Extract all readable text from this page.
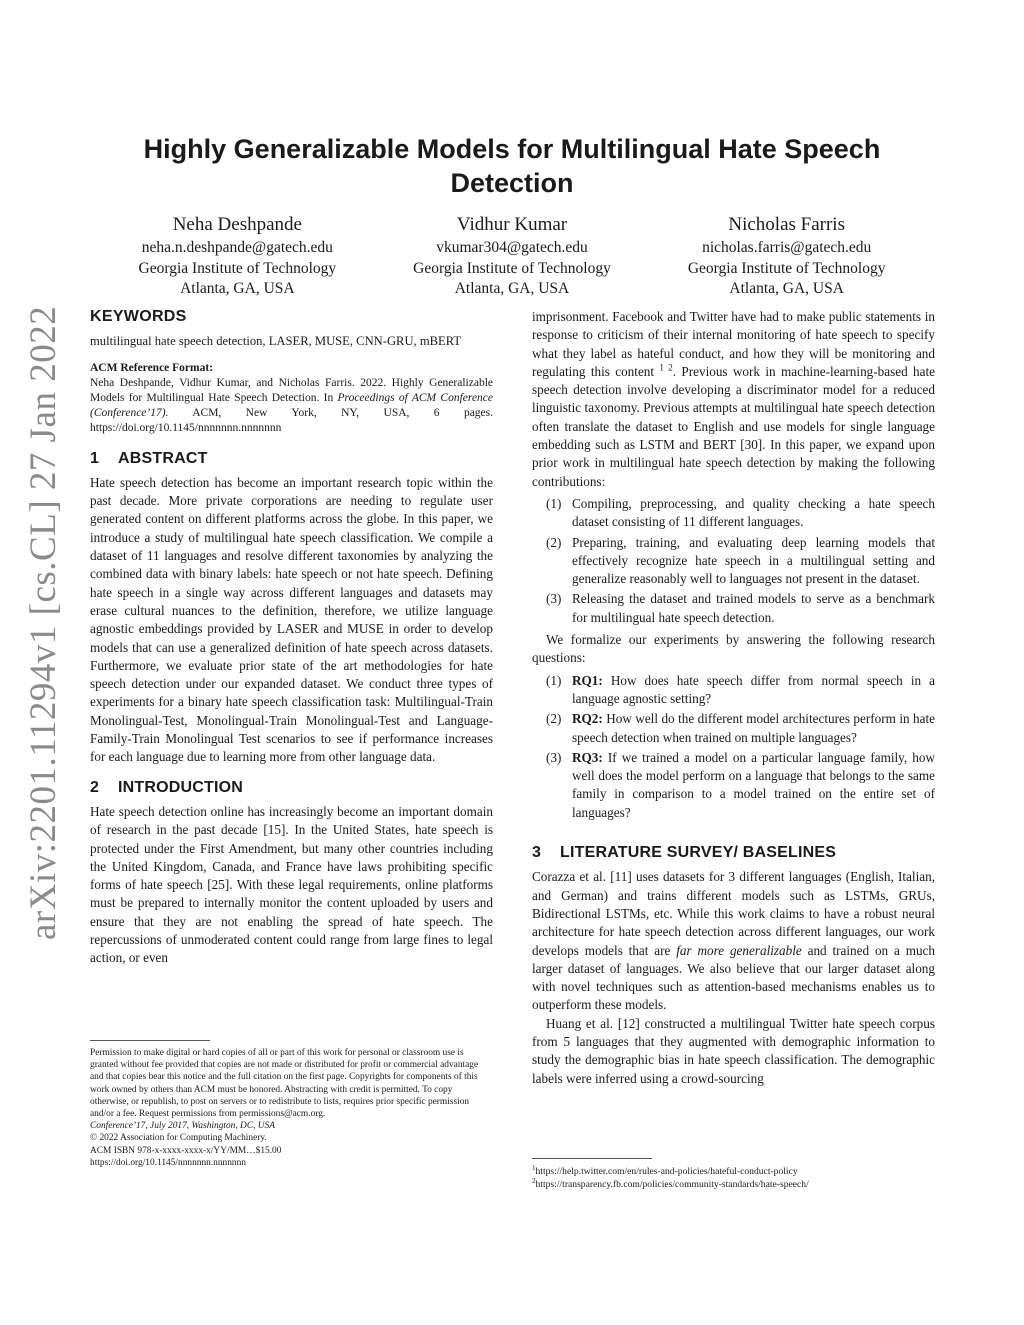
arXiv:2201.11294v1 [cs.CL] 27 Jan 2022
Highly Generalizable Models for Multilingual Hate Speech Detection
Neha Deshpande
neha.n.deshpande@gatech.edu
Georgia Institute of Technology
Atlanta, GA, USA
Vidhur Kumar
vkumar304@gatech.edu
Georgia Institute of Technology
Atlanta, GA, USA
Nicholas Farris
nicholas.farris@gatech.edu
Georgia Institute of Technology
Atlanta, GA, USA
KEYWORDS

multilingual hate speech detection, LASER, MUSE, CNN-GRU, mBERT

ACM Reference Format:

Neha Deshpande, Vidhur Kumar, and Nicholas Farris. 2022. Highly Generalizable Models for Multilingual Hate Speech Detection. In Proceedings of ACM Conference (Conference’17). ACM, New York, NY, USA, 6 pages. https://doi.org/10.1145/nnnnnnn.nnnnnnn

1 ABSTRACT

Hate speech detection has become an important research topic within the past decade. More private corporations are needing to regulate user generated content on different platforms across the globe. In this paper, we introduce a study of multilingual hate speech classification. We compile a dataset of 11 languages and resolve different taxonomies by analyzing the combined data with binary labels: hate speech or not hate speech. Defining hate speech in a single way across different languages and datasets may erase cultural nuances to the definition, therefore, we utilize language agnostic embeddings provided by LASER and MUSE in order to develop models that can use a generalized definition of hate speech across datasets. Furthermore, we evaluate prior state of the art methodologies for hate speech detection under our expanded dataset. We conduct three types of experiments for a binary hate speech classification task: Multilingual-Train Monolingual-Test, Monolingual-Train Monolingual-Test and Language-Family-Train Monolingual Test scenarios to see if performance increases for each language due to learning more from other language data.

2 INTRODUCTION

Hate speech detection online has increasingly become an important domain of research in the past decade [15]. In the United States, hate speech is protected under the First Amendment, but many other countries including the United Kingdom, Canada, and France have laws prohibiting specific forms of hate speech [25]. With these legal requirements, online platforms must be prepared to internally monitor the content uploaded by users and ensure that they are not enabling the spread of hate speech. The repercussions of unmoderated content could range from large fines to legal action, or even

Permission to make digital or hard copies of all or part of this work for personal or classroom use is granted without fee provided that copies are not made or distributed for profit or commercial advantage and that copies bear this notice and the full citation on the first page. Copyrights for components of this work owned by others than ACM must be honored. Abstracting with credit is permitted. To copy otherwise, or republish, to post on servers or to redistribute to lists, requires prior specific permission and/or a fee. Request permissions from permissions@acm.org.

Conference’17, July 2017, Washington, DC, USA

© 2022 Association for Computing Machinery.

ACM ISBN 978-x-xxxx-xxxx-x/YY/MM…$15.00

https://doi.org/10.1145/nnnnnnn.nnnnnnn

imprisonment. Facebook and Twitter have had to make public statements in response to criticism of their internal monitoring of hate speech to specify what they label as hateful conduct, and how they will be monitoring and regulating this content $^{1 2}$. Previous work in machine-learning-based hate speech detection involve developing a discriminator model for a reduced linguistic taxonomy. Previous attempts at multilingual hate speech detection often translate the dataset to English and use models for single language embedding such as LSTM and BERT [30]. In this paper, we expand upon prior work in multilingual hate speech detection by making the following contributions:

(1) Compiling, preprocessing, and quality checking a hate speech dataset consisting of 11 different languages.
(2) Preparing, training, and evaluating deep learning models that effectively recognize hate speech in a multilingual setting and generalize reasonably well to languages not present in the dataset.
(3) Releasing the dataset and trained models to serve as a benchmark for multilingual hate speech detection.

We formalize our experiments by answering the following research questions:

(1) RQ1: How does hate speech differ from normal speech in a language agnostic setting?
(2) RQ2: How well do the different model architectures perform in hate speech detection when trained on multiple languages?
(3) RQ3: If we trained a model on a particular language family, how well does the model perform on a language that belongs to the same family in comparison to a model trained on the entire set of languages?
3 LITERATURE SURVEY/ BASELINES

Corazza et al. [11] uses datasets for 3 different languages (English, Italian, and German) and trains different models such as LSTMs, GRUs, Bidirectional LSTMs, etc. While this work claims to have a robust neural architecture for hate speech detection across different languages, our work develops models that are far more generalizable and trained on a much larger dataset of languages. We also believe that our larger dataset along with novel techniques such as attention-based mechanisms enables us to outperform these models.

Huang et al. [12] constructed a multilingual Twitter hate speech corpus from 5 languages that they augmented with demographic information to study the demographic bias in hate speech classification. The demographic labels were inferred using a crowd-sourcing

$^1$https://help.twitter.com/en/rules-and-policies/hateful-conduct-policy
$^2$https://transparency.fb.com/policies/community-standards/hate-speech/
